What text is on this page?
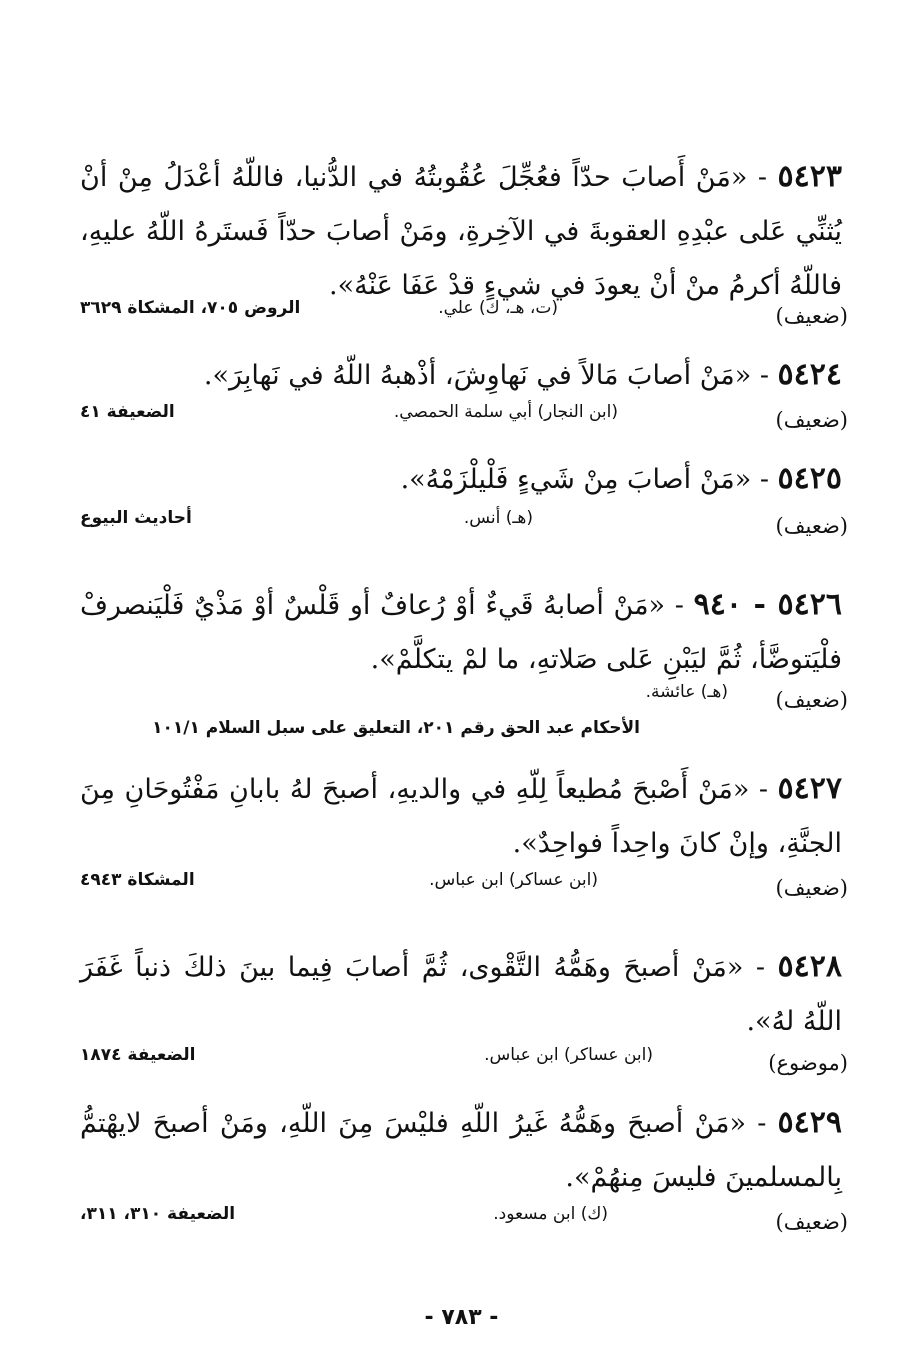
٥٤٢٣ - «مَنْ أَصابَ حدّاً فعُجِّلَ عُقُوبتُهُ في الدُّنيا، فاللّهُ أعْدَلُ مِنْ أنْ يُثنِّي عَلى عبْدِهِ العقوبةَ في الآخِرةِ، ومَنْ أصابَ حدّاً فَستَرهُ اللّهُ عليهِ، فاللّهُ أكرمُ منْ أنْ يعودَ في شيءٍ قدْ عَفَا عَنْهُ».
( ضعيف )
(ت، هـ، ك) علي.
الروض ٧٠٥، المشكاة ٣٦٢٩
٥٤٢٤ - «مَنْ أصابَ مَالاً في نَهاوِشَ، أذْهبهُ اللّهُ في نَهابِرَ».
( ضعيف )
(ابن النجار) أبي سلمة الحمصي.
الضعيفة ٤١
٥٤٢٥ - «مَنْ أصابَ مِنْ شَيءٍ فَلْيلْزَمْهُ».
( ضعيف )
(هـ) أنس.
أحاديث البيوع
٥٤٢٦ - ٩٤٠ - «مَنْ أصابهُ قَيءٌ أوْ رُعافٌ أو قَلْسٌ أوْ مَذْيٌ فَلْيَنصرفْ فلْيَتوضَّأ، ثُمَّ ليَبْنِ عَلى صَلاتهِ، ما لمْ يتكلَّمْ».
( ضعيف )
(هـ) عائشة.
الأحكام عبد الحق رقم ٢٠١، التعليق على سبل السلام ١٠١/١
٥٤٢٧ - «مَنْ أَصْبحَ مُطيعاً لِلّهِ في والديهِ، أصبحَ لهُ بابانِ مَفْتُوحَانِ مِنَ الجنَّةِ، وإنْ كانَ واحِداً فواحِدٌ».
( ضعيف )
(ابن عساكر) ابن عباس.
المشكاة ٤٩٤٣
٥٤٢٨ - «مَنْ أصبحَ وهَمُّهُ التَّقْوى، ثُمَّ أصابَ فِيما بينَ ذلكَ ذنباً غَفَرَ اللّهُ لهُ».
( موضوع )
(ابن عساكر) ابن عباس.
الضعيفة ١٨٧٤
٥٤٢٩ - «مَنْ أصبحَ وهَمُّهُ غَيرُ اللّهِ فليْسَ مِنَ اللّهِ، ومَنْ أصبحَ لايهْتمُّ بِالمسلمينَ فليسَ مِنهُمْ».
( ضعيف )
(ك) ابن مسعود.
الضعيفة ٣١٠، ٣١١،
- ٧٨٣ -
